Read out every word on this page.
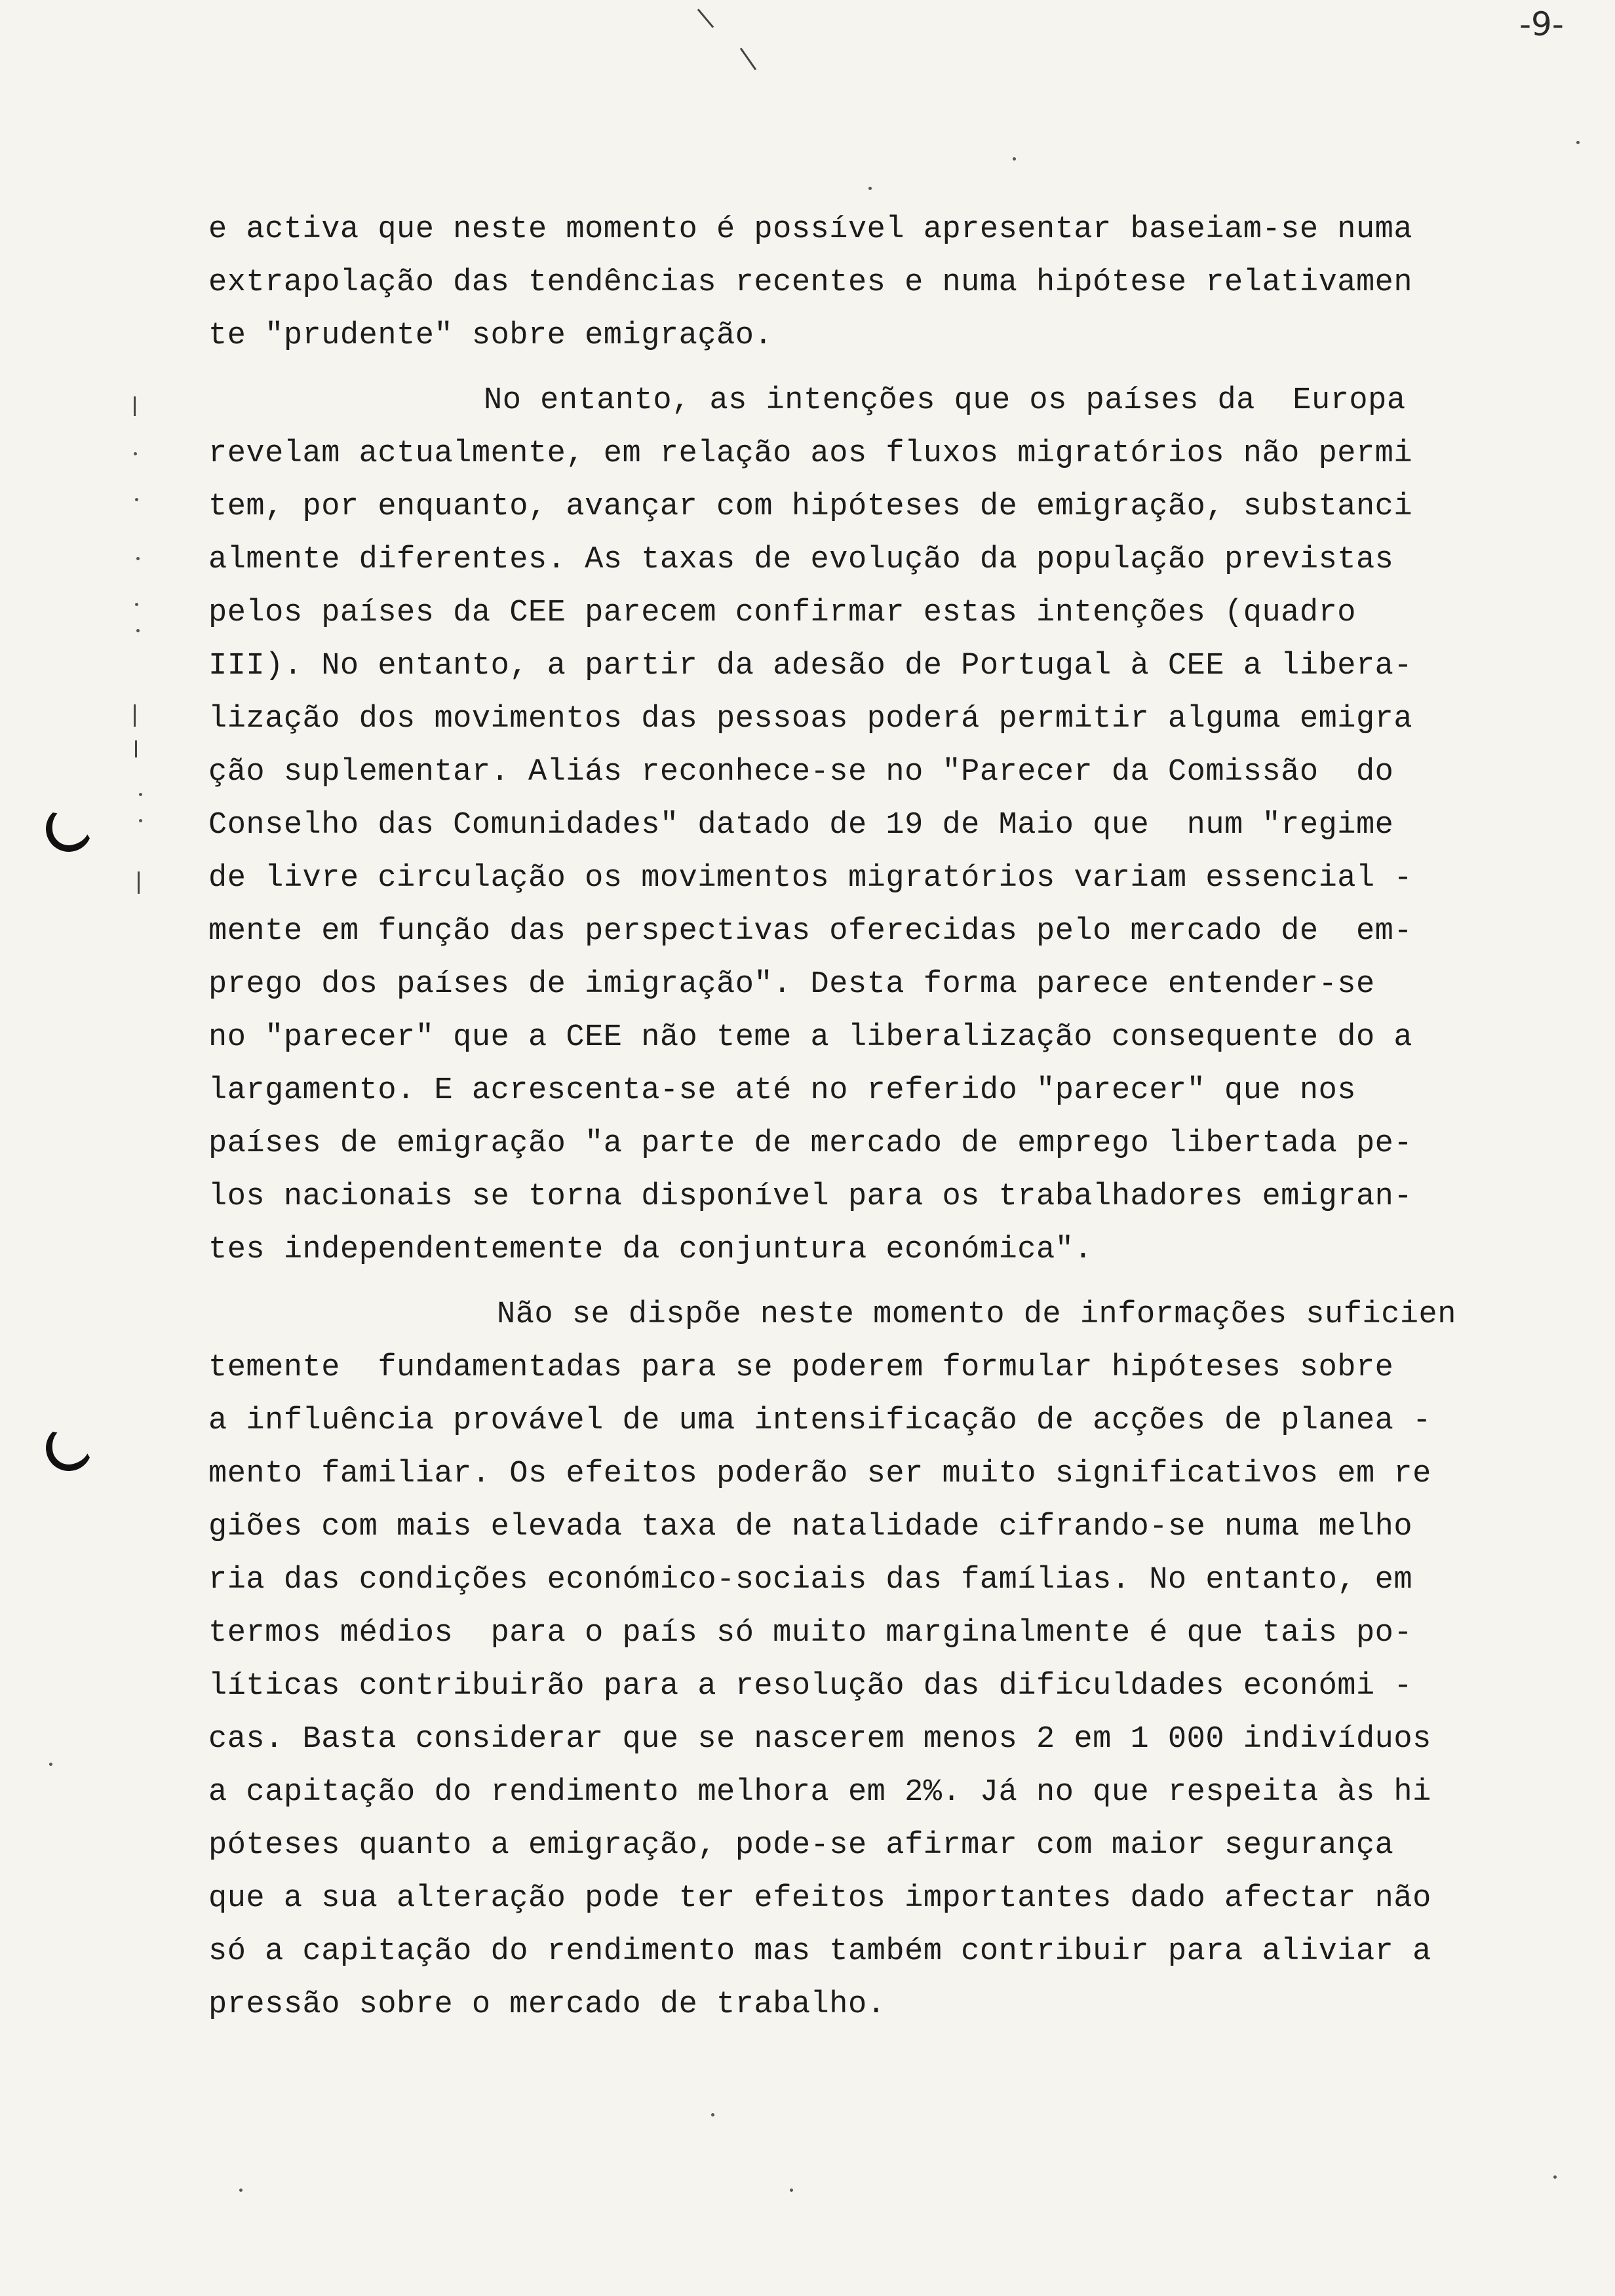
-9-
e activa que neste momento é possível apresentar baseiam-se numa
extrapolação das tendências recentes e numa hipótese relativamen
te "prudente" sobre emigração.
No entanto, as intenções que os países da  Europa
revelam actualmente, em relação aos fluxos migratórios não permi
tem, por enquanto, avançar com hipóteses de emigração, substanci
almente diferentes. As taxas de evolução da população previstas
pelos países da CEE parecem confirmar estas intenções (quadro
III). No entanto, a partir da adesão de Portugal à CEE a libera-
lização dos movimentos das pessoas poderá permitir alguma emigra
ção suplementar. Aliás reconhece-se no "Parecer da Comissão  do
Conselho das Comunidades" datado de 19 de Maio que  num "regime
de livre circulação os movimentos migratórios variam essencial -
mente em função das perspectivas oferecidas pelo mercado de  em-
prego dos países de imigração". Desta forma parece entender-se
no "parecer" que a CEE não teme a liberalização consequente do a
largamento. E acrescenta-se até no referido "parecer" que nos
países de emigração "a parte de mercado de emprego libertada pe-
los nacionais se torna disponível para os trabalhadores emigran-
tes independentemente da conjuntura económica".
Não se dispõe neste momento de informações suficien
temente  fundamentadas para se poderem formular hipóteses sobre
a influência provável de uma intensificação de acções de planea -
mento familiar. Os efeitos poderão ser muito significativos em re
giões com mais elevada taxa de natalidade cifrando-se numa melho
ria das condições económico-sociais das famílias. No entanto, em
termos médios  para o país só muito marginalmente é que tais po-
líticas contribuirão para a resolução das dificuldades económi -
cas. Basta considerar que se nascerem menos 2 em 1 000 indivíduos
a capitação do rendimento melhora em 2%. Já no que respeita às hi
póteses quanto a emigração, pode-se afirmar com maior segurança
que a sua alteração pode ter efeitos importantes dado afectar não
só a capitação do rendimento mas também contribuir para aliviar a
pressão sobre o mercado de trabalho.
